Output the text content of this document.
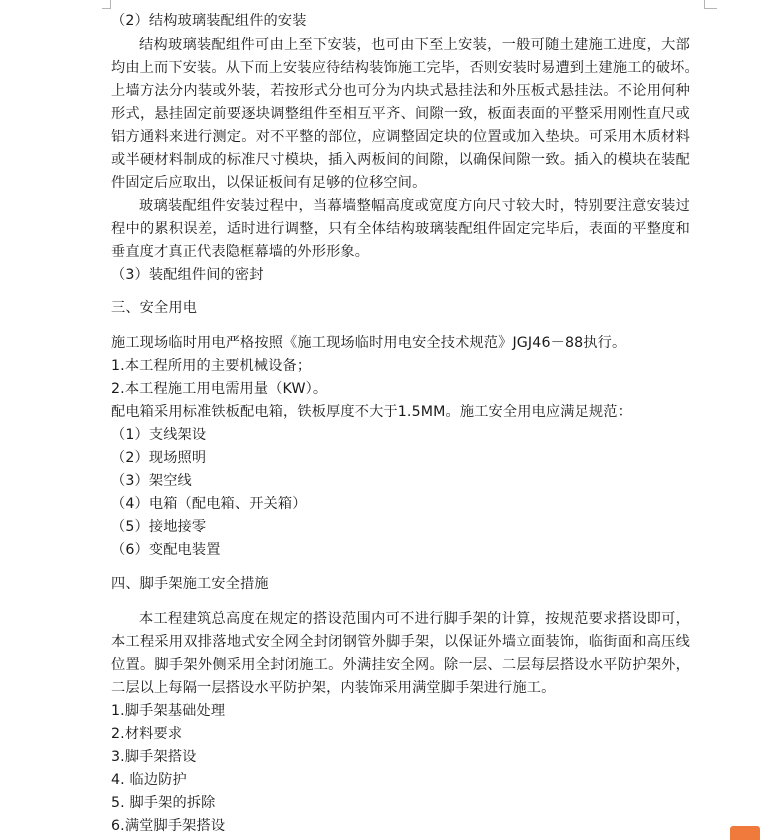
（2）结构玻璃装配组件的安装
结构玻璃装配组件可由上至下安装，也可由下至上安装，一般可随土建施工进度，大部
均由上而下安装。从下而上安装应待结构装饰施工完毕，否则安装时易遭到土建施工的破坏。
上墙方法分内装或外装，若按形式分也可分为内块式悬挂法和外压板式悬挂法。不论用何种
形式，悬挂固定前要逐块调整组件至相互平齐、间隙一致，板面表面的平整采用刚性直尺或
铝方通料来进行测定。对不平整的部位，应调整固定块的位置或加入垫块。可采用木质材料
或半硬材料制成的标准尺寸模块，插入两板间的间隙，以确保间隙一致。插入的模块在装配
件固定后应取出，以保证板间有足够的位移空间。
玻璃装配组件安装过程中，当幕墙整幅高度或宽度方向尺寸较大时，特别要注意安装过
程中的累积误差，适时进行调整，只有全体结构玻璃装配组件固定完毕后，表面的平整度和
垂直度才真正代表隐框幕墙的外形形象。
（3）装配组件间的密封
三、安全用电
施工现场临时用电严格按照《施工现场临时用电安全技术规范》JGJ46－88执行。
1.本工程所用的主要机械设备；
2.本工程施工用电需用量（KW）。
配电箱采用标准铁板配电箱，铁板厚度不大于1.5MM。施工安全用电应满足规范：
（1）支线架设
（2）现场照明
（3）架空线
（4）电箱（配电箱、开关箱）
（5）接地接零
（6）变配电装置
四、脚手架施工安全措施
本工程建筑总高度在规定的搭设范围内可不进行脚手架的计算，按规范要求搭设即可，
本工程采用双排落地式安全网全封闭钢管外脚手架，以保证外墙立面装饰，临街面和高压线
位置。脚手架外侧采用全封闭施工。外满挂安全网。除一层、二层每层搭设水平防护架外，
二层以上每隔一层搭设水平防护架，内装饰采用满堂脚手架进行施工。
1.脚手架基础处理
2.材料要求
3.脚手架搭设
4. 临边防护
5. 脚手架的拆除
6.满堂脚手架搭设
